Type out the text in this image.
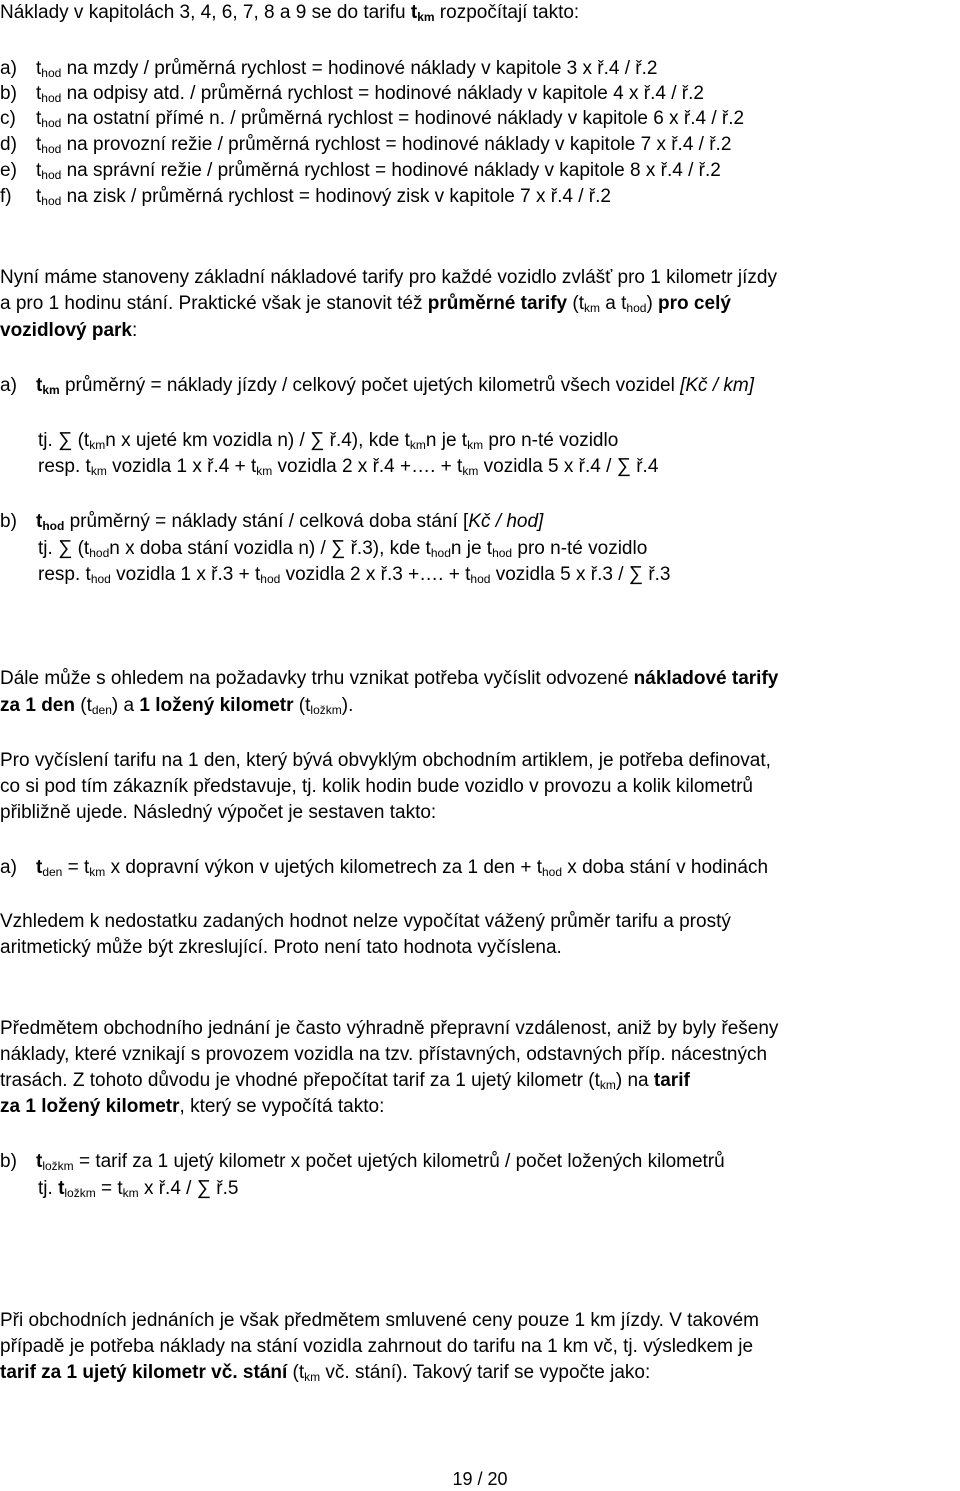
Náklady v kapitolách 3, 4, 6, 7, 8 a 9 se do tarifu tkm rozpočítají takto:
a) thod na mzdy / průměrná rychlost = hodinové náklady v kapitole 3 x ř.4 / ř.2
b) thod na odpisy atd. / průměrná rychlost = hodinové náklady v kapitole 4 x ř.4 / ř.2
c) thod na ostatní přímé n. / průměrná rychlost = hodinové náklady v kapitole 6 x ř.4 / ř.2
d) thod na provozní režie / průměrná rychlost = hodinové náklady v kapitole 7 x ř.4 / ř.2
e) thod na správní režie / průměrná rychlost = hodinové náklady v kapitole 8 x ř.4 / ř.2
f) thod na zisk / průměrná rychlost = hodinový zisk v kapitole 7 x ř.4 / ř.2
Nyní máme stanoveny základní nákladové tarify pro každé vozidlo zvlášť pro 1 kilometr jízdy
a pro 1 hodinu stání. Praktické však je stanovit též průměrné tarify (tkm a thod) pro celý
vozidlový park:
a) tkm průměrný = náklady jízdy / celkový počet ujetých kilometrů všech vozidel [Kč / km]
tj. ∑ (tkmn x ujeté km vozidla n) / ∑ ř.4), kde tkmn je tkm pro n-té vozidlo
resp. tkm vozidla 1 x ř.4 + tkm vozidla 2 x ř.4 +…. + tkm vozidla 5 x ř.4 / ∑ ř.4
b) thod průměrný = náklady stání / celková doba stání [Kč / hod]
tj. ∑ (thodn x doba stání vozidla n) / ∑ ř.3), kde thodn je thod pro n-té vozidlo
resp. thod vozidla 1 x ř.3 + thod vozidla 2 x ř.3 +…. + thod vozidla 5 x ř.3 / ∑ ř.3
Dále může s ohledem na požadavky trhu vznikat potřeba vyčíslit odvozené nákladové tarify
za 1 den (tden) a 1 ložený kilometr (tložkm).
Pro vyčíslení tarifu na 1 den, který bývá obvyklým obchodním artiklem, je potřeba definovat,
co si pod tím zákazník představuje, tj. kolik hodin bude vozidlo v provozu a kolik kilometrů
přibližně ujede. Následný výpočet je sestaven takto:
a) tden = tkm x dopravní výkon v ujetých kilometrech za 1 den + thod x doba stání v hodinách
Vzhledem k nedostatku zadaných hodnot nelze vypočítat vážený průměr tarifu a prostý
aritmetický může být zkreslující. Proto není tato hodnota vyčíslena.
Předmětem obchodního jednání je často výhradně přepravní vzdálenost, aniž by byly řešeny
náklady, které vznikají s provozem vozidla na tzv. přístavných, odstavných příp. nácestných
trasách. Z tohoto důvodu je vhodné přepočítat tarif za 1 ujetý kilometr (tkm) na tarif
za 1 ložený kilometr, který se vypočítá takto:
b) tložkm = tarif za 1 ujetý kilometr x počet ujetých kilometrů / počet ložených kilometrů
tj. tložkm = tkm x ř.4 / ∑ ř.5
Při obchodních jednáních je však předmětem smluvené ceny pouze 1 km jízdy. V takovém
případě je potřeba náklady na stání vozidla zahrnout do tarifu na 1 km vč, tj. výsledkem je
tarif za 1 ujetý kilometr vč. stání (tkm vč. stání). Takový tarif se vypočte jako:
19 / 20
